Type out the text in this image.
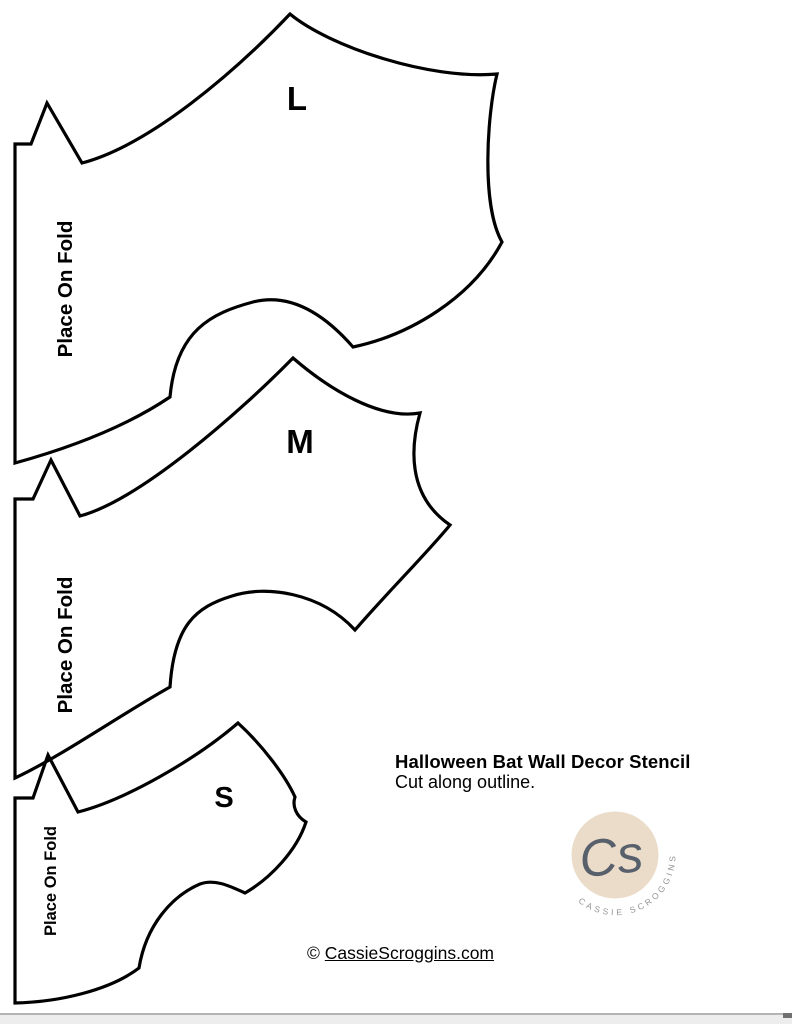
L
M
S
Place On Fold
Place On Fold
Place On Fold	Cs
CASSIE SCROGGINS
Halloween Bat Wall Decor Stencil
Cut along outline.
© CassieScroggins.com
